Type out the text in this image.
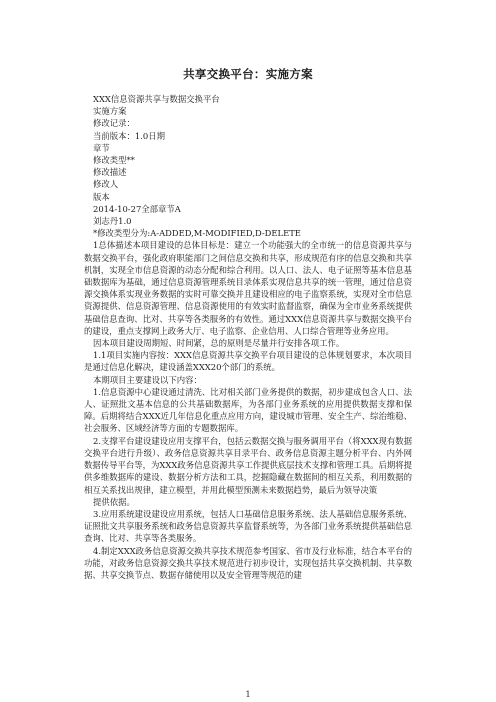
共享交换平台：实施方案
XXX信息资源共享与数据交换平台
实施方案
修改记录：
当前版本：1.0日期
章节
修改类型**
修改描述
修改人
版本
2014-10-27全部章节A
刘志丹1.0
*修改类型分为:A-ADDED,M-MODIFIED,D-DELETE

1总体描述本项目建设的总体目标是：建立一个功能强大的全市统一的信息资源共享与数据交换平台，强化政府职能部门之间信息交换和共享，形成规范有序的信息交换和共享机制，实现全市信息资源的动态分配和综合利用。以人口、法人、电子证照等基本信息基础数据库为基础，通过信息资源管理系统目录体系实现信息共享的统一管理，通过信息资源交换体系实现业务数据的实时可靠交换并且建设相应的电子监察系统，实现对全市信息资源提供、信息资源管理、信息资源使用的有效实时监督监察，确保为全市业务系统提供基础信息查询、比对、共享等各类服务的有效性。通过XXX信息资源共享与数据交换平台的建设，重点支撑网上政务大厅、电子监察、企业信用、人口综合管理等业务应用。

因本项目建设周期短、时间紧，总的原则是尽量并行安排各项工作。

1.1项目实施内容按：XXX信息资源共享交换平台项目建设的总体规划要求，本次项目是通过信息化解决，建设涵盖XXX20个部门的系统。

本期项目主要建设以下内容：

1.信息资源中心建设通过清洗、比对相关部门业务提供的数据，初步建成包含人口、法人、证照批文基本信息的公共基础数据库，为各部门业务系统的应用提供数据支撑和保障。后期将结合XXX近几年信息化重点应用方向，建设城市管理、安全生产、综治维稳、社会服务、区域经济等方面的专题数据库。

2.支撑平台建设建设应用支撑平台，包括云数据交换与服务调用平台（将XXX现有数据交换平台进行升级）、政务信息资源共享目录平台、政务信息资源主题分析平台、内外网数据传导平台等，为XXX政务信息资源共享工作提供底层技术支撑和管理工具。后期将提供多维数据库的建设、数据分析方法和工具，挖掘隐藏在数据间的相互关系，利用数据的相互关系找出规律，建立模型，并用此模型预测未来数据趋势，最后为领导决策

提供依据。

3.应用系统建设建设应用系统，包括人口基础信息服务系统、法人基础信息服务系统、证照批文共享服务系统和政务信息资源共享监督系统等，为各部门业务系统提供基础信息查询、比对、共享等各类服务。

4.制定XXX政务信息资源交换共享技术规范参考国家、省市及行业标准，结合本平台的功能，对政务信息资源交换共享技术规范进行初步设计，实现包括共享交换机制、共享数据、共享交换节点、数据存储使用以及安全管理等规范的建

1
